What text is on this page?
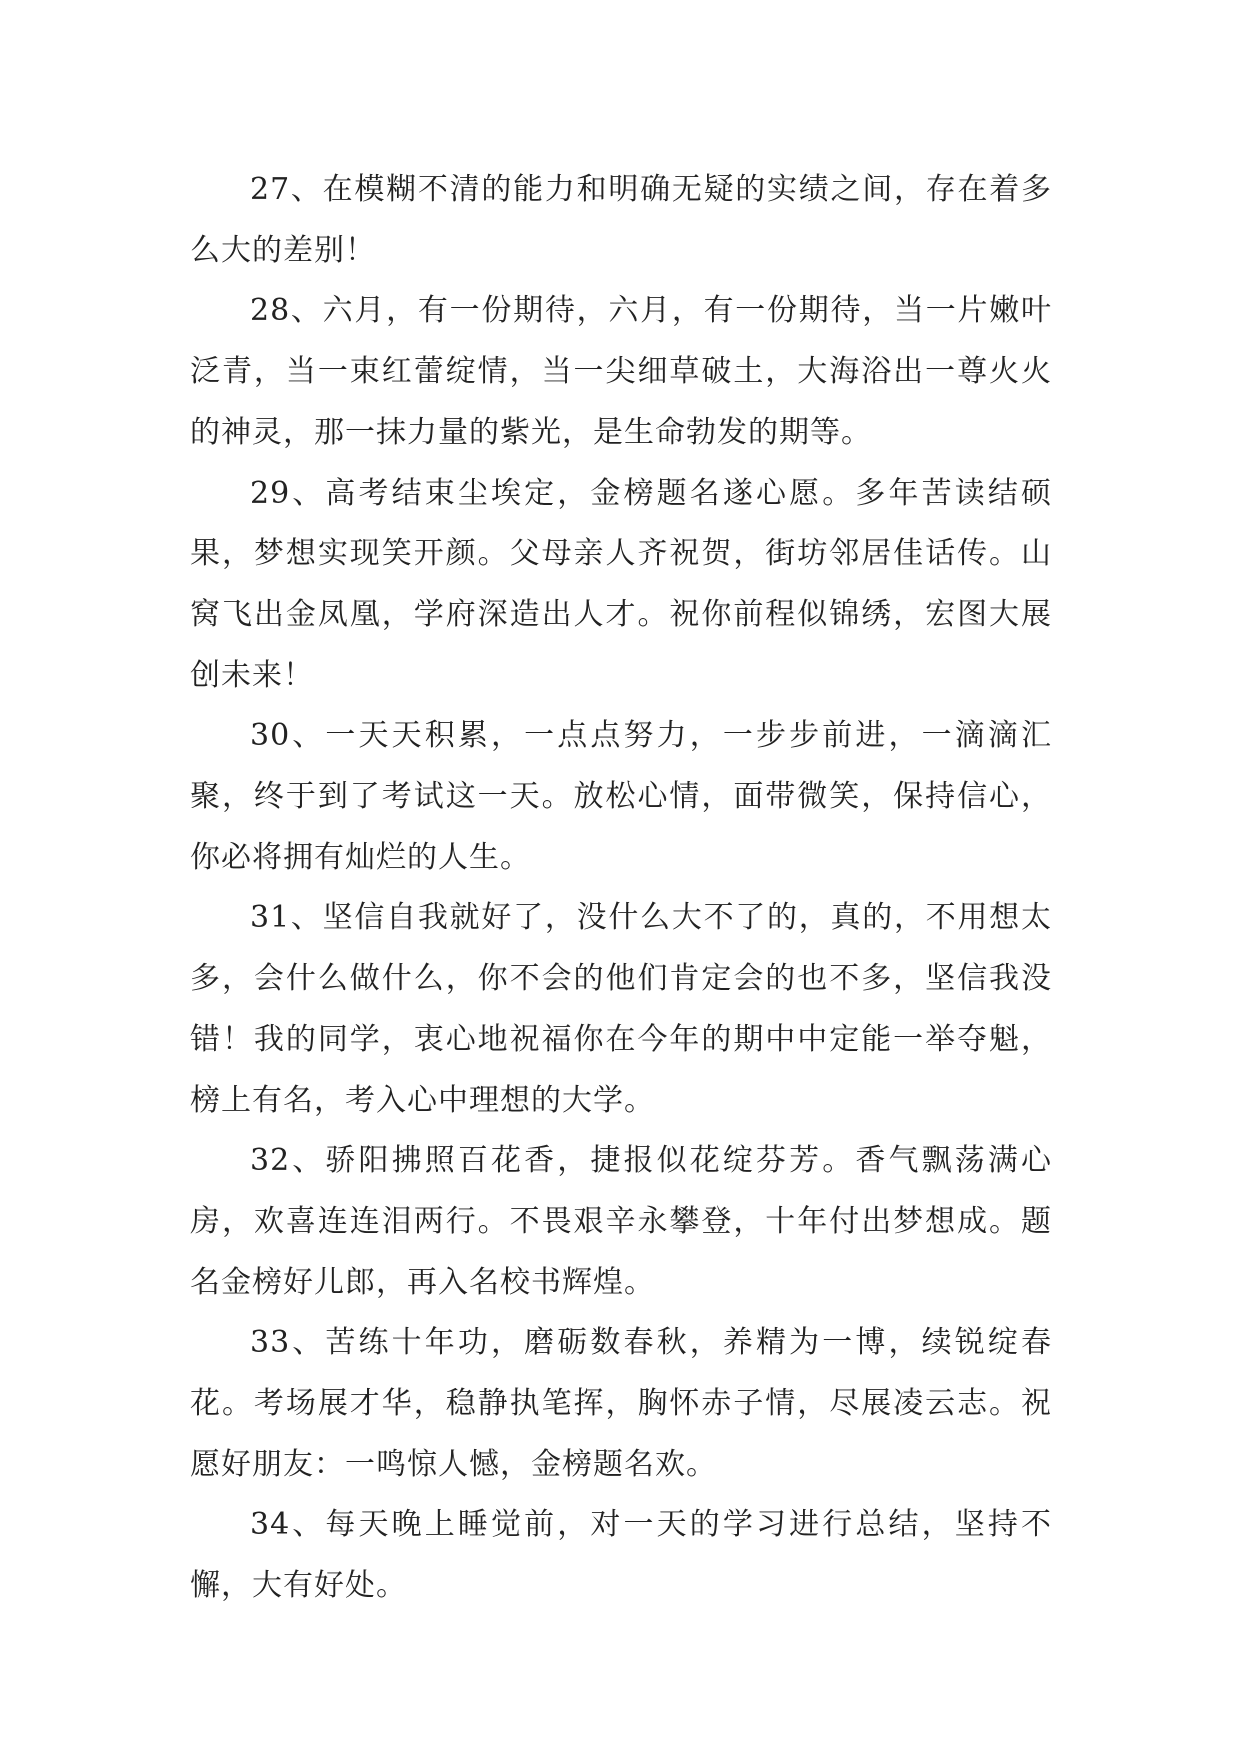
27、在模糊不清的能力和明确无疑的实绩之间，存在着多么大的差别！

28、六月，有一份期待，六月，有一份期待，当一片嫩叶泛青，当一束红蕾绽情，当一尖细草破土，大海浴出一尊火火的神灵，那一抹力量的紫光，是生命勃发的期等。

29、高考结束尘埃定，金榜题名遂心愿。多年苦读结硕果，梦想实现笑开颜。父母亲人齐祝贺，街坊邻居佳话传。山窝飞出金凤凰，学府深造出人才。祝你前程似锦绣，宏图大展创未来！

30、一天天积累，一点点努力，一步步前进，一滴滴汇聚，终于到了考试这一天。放松心情，面带微笑，保持信心，你必将拥有灿烂的人生。

31、坚信自我就好了，没什么大不了的，真的，不用想太多，会什么做什么，你不会的他们肯定会的也不多，坚信我没错！我的同学，衷心地祝福你在今年的期中中定能一举夺魁，榜上有名，考入心中理想的大学。

32、骄阳拂照百花香，捷报似花绽芬芳。香气飘荡满心房，欢喜连连泪两行。不畏艰辛永攀登，十年付出梦想成。题名金榜好儿郎，再入名校书辉煌。

33、苦练十年功，磨砺数春秋，养精为一博，续锐绽春花。考场展才华，稳静执笔挥，胸怀赤子情，尽展凌云志。祝愿好朋友：一鸣惊人憾，金榜题名欢。

34、每天晚上睡觉前，对一天的学习进行总结，坚持不懈，大有好处。
